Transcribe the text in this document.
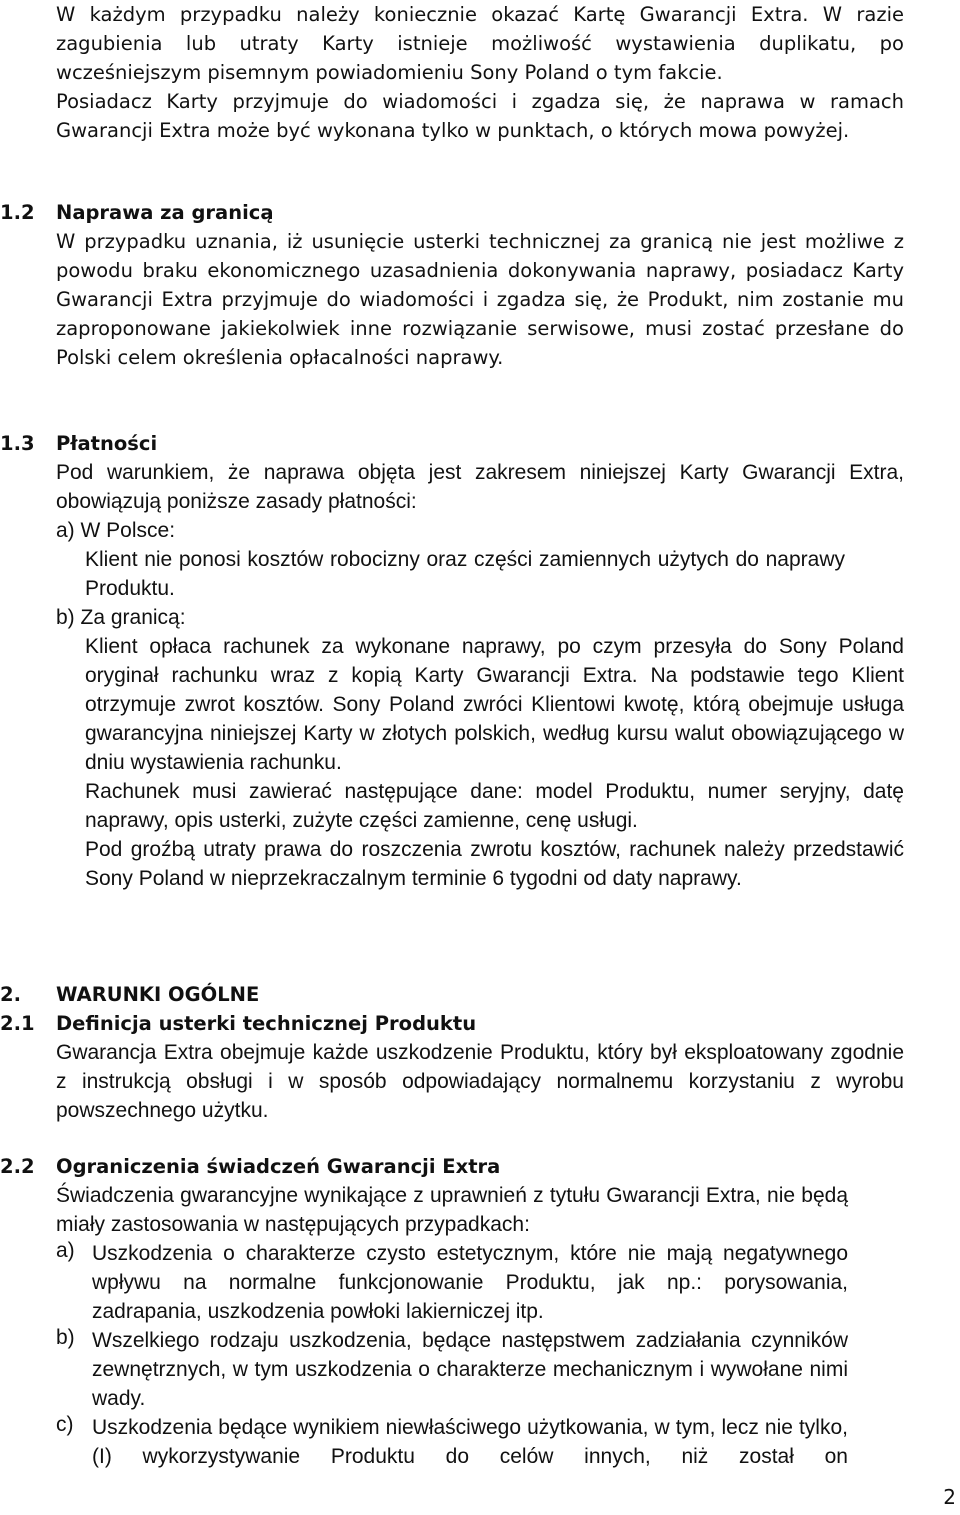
W każdym przypadku należy koniecznie okazać Kartę Gwarancji Extra. W razie zagubienia lub utraty Karty istnieje możliwość wystawienia duplikatu, po wcześniejszym pisemnym powiadomieniu Sony Poland o tym fakcie.

Posiadacz Karty przyjmuje do wiadomości i zgadza się, że naprawa w ramach Gwarancji Extra może być wykonana tylko w punktach, o których mowa powyżej.

1.2 Naprawa za granicą

W przypadku uznania, iż usunięcie usterki technicznej za granicą nie jest możliwe z powodu braku ekonomicznego uzasadnienia dokonywania naprawy, posiadacz Karty Gwarancji Extra przyjmuje do wiadomości i zgadza się, że Produkt, nim zostanie mu zaproponowane jakiekolwiek inne rozwiązanie serwisowe, musi zostać przesłane do Polski celem określenia opłacalności naprawy.

1.3 Płatności

Pod warunkiem, że naprawa objęta jest zakresem niniejszej Karty Gwarancji Extra, obowiązują poniższe zasady płatności:

a) W Polsce:

Klient nie ponosi kosztów robocizny oraz części zamiennych użytych do naprawy Produktu.

b) Za granicą:

Klient opłaca rachunek za wykonane naprawy, po czym przesyła do Sony Poland oryginał rachunku wraz z kopią Karty Gwarancji Extra. Na podstawie tego Klient otrzymuje zwrot kosztów. Sony Poland zwróci Klientowi kwotę, którą obejmuje usługa gwarancyjna niniejszej Karty w złotych polskich, według kursu walut obowiązującego w dniu wystawienia rachunku.

Rachunek musi zawierać następujące dane: model Produktu, numer seryjny, datę naprawy, opis usterki, zużyte części zamienne, cenę usługi.

Pod groźbą utraty prawa do roszczenia zwrotu kosztów, rachunek należy przedstawić Sony Poland w nieprzekraczalnym terminie 6 tygodni od daty naprawy.

2. WARUNKI OGÓLNE
2.1 Definicja usterki technicznej Produktu

Gwarancja Extra obejmuje każde uszkodzenie Produktu, który był eksploatowany zgodnie z instrukcją obsługi i w sposób odpowiadający normalnemu korzystaniu z wyrobu powszechnego użytku.

2.2 Ograniczenia świadczeń Gwarancji Extra

Świadczenia gwarancyjne wynikające z uprawnień z tytułu Gwarancji Extra, nie będą miały zastosowania w następujących przypadkach:

a) Uszkodzenia o charakterze czysto estetycznym, które nie mają negatywnego wpływu na normalne funkcjonowanie Produktu, jak np.: porysowania, zadrapania, uszkodzenia powłoki lakierniczej itp.

b) Wszelkiego rodzaju uszkodzenia, będące następstwem zadziałania czynników zewnętrznych, w tym uszkodzenia o charakterze mechanicznym i wywołane nimi wady.

c) Uszkodzenia będące wynikiem niewłaściwego użytkowania, w tym, lecz nie tylko, (I) wykorzystywanie Produktu do celów innych, niż został on

2
